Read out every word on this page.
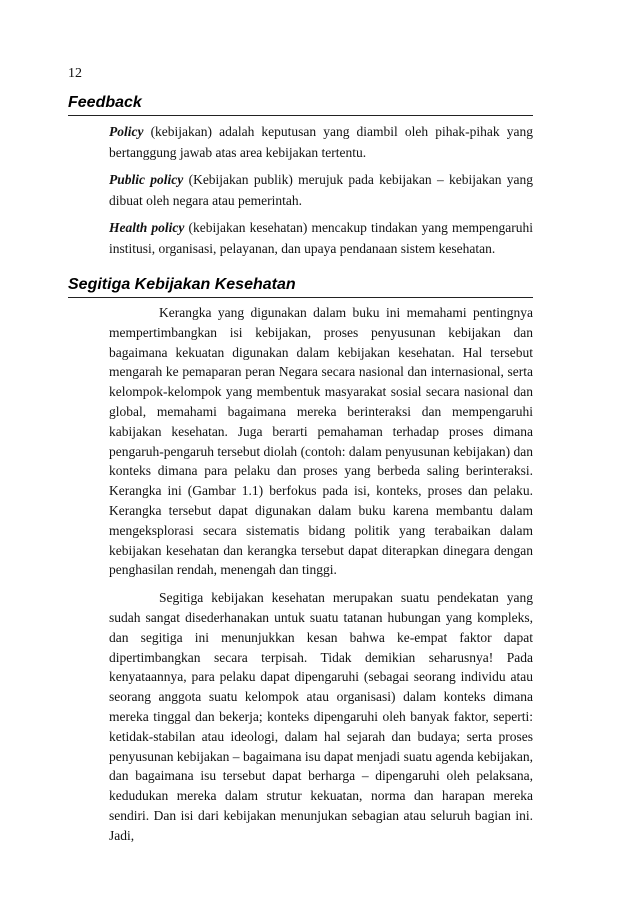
12
Feedback

Policy (kebijakan) adalah keputusan yang diambil oleh pihak-pihak yang bertanggung jawab atas area kebijakan tertentu.

Public policy (Kebijakan publik) merujuk pada kebijakan – kebijakan yang dibuat oleh negara atau pemerintah.

Health policy (kebijakan kesehatan) mencakup tindakan yang mempengaruhi institusi, organisasi, pelayanan, dan upaya pendanaan sistem kesehatan.

Segitiga Kebijakan Kesehatan

Kerangka yang digunakan dalam buku ini memahami pentingnya mempertimbangkan isi kebijakan, proses penyusunan kebijakan dan bagaimana kekuatan digunakan dalam kebijakan kesehatan. Hal tersebut mengarah ke pemaparan peran Negara secara nasional dan internasional, serta kelompok-kelompok yang membentuk masyarakat sosial secara nasional dan global, memahami bagaimana mereka berinteraksi dan mempengaruhi kabijakan kesehatan. Juga berarti pemahaman terhadap proses dimana pengaruh-pengaruh tersebut diolah (contoh: dalam penyusunan kebijakan) dan konteks dimana para pelaku dan proses yang berbeda saling berinteraksi. Kerangka ini (Gambar 1.1) berfokus pada isi, konteks, proses dan pelaku. Kerangka tersebut dapat digunakan dalam buku karena membantu dalam mengeksplorasi secara sistematis bidang politik yang terabaikan dalam kebijakan kesehatan dan kerangka tersebut dapat diterapkan dinegara dengan penghasilan rendah, menengah dan tinggi.

Segitiga kebijakan kesehatan merupakan suatu pendekatan yang sudah sangat disederhanakan untuk suatu tatanan hubungan yang kompleks, dan segitiga ini menunjukkan kesan bahwa ke-empat faktor dapat dipertimbangkan secara terpisah. Tidak demikian seharusnya! Pada kenyataannya, para pelaku dapat dipengaruhi (sebagai seorang individu atau seorang anggota suatu kelompok atau organisasi) dalam konteks dimana mereka tinggal dan bekerja; konteks dipengaruhi oleh banyak faktor, seperti: ketidak-stabilan atau ideologi, dalam hal sejarah dan budaya; serta proses penyusunan kebijakan – bagaimana isu dapat menjadi suatu agenda kebijakan, dan bagaimana isu tersebut dapat berharga – dipengaruhi oleh pelaksana, kedudukan mereka dalam strutur kekuatan, norma dan harapan mereka sendiri. Dan isi dari kebijakan menunjukan sebagian atau seluruh bagian ini. Jadi,
